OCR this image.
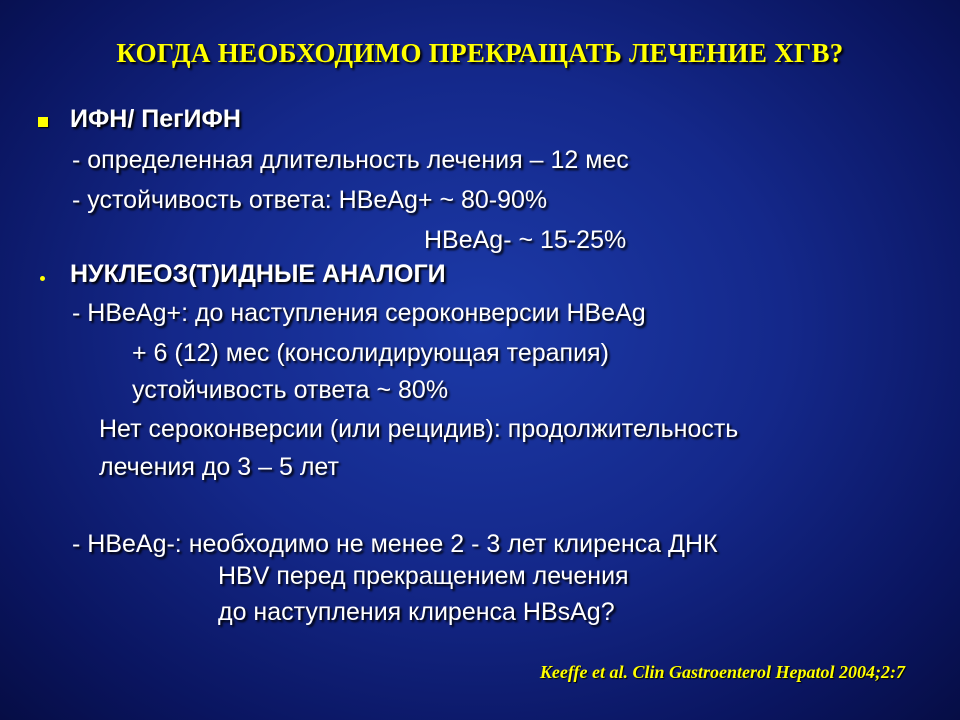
КОГДА НЕОБХОДИМО ПРЕКРАЩАТЬ ЛЕЧЕНИЕ ХГВ?
ИФН/ ПегИФН
- определенная длительность лечения – 12 мес
- устойчивость ответа: HBeAg+ ~ 80-90%
HBeAg- ~ 15-25%
НУКЛЕОЗ(Т)ИДНЫЕ АНАЛОГИ
- HBeAg+: до наступления сероконверсии HBeAg
+ 6 (12) мес (консолидирующая терапия)
устойчивость ответа ~ 80%
Нет сероконверсии (или рецидив): продолжительность
лечения до 3 – 5 лет
- HBeAg-: необходимо не менее 2 - 3 лет клиренса ДНК
HBV перед прекращением лечения
до наступления клиренса HBsAg?
Keeffe et al. Clin Gastroenterol Hepatol 2004;2:7
